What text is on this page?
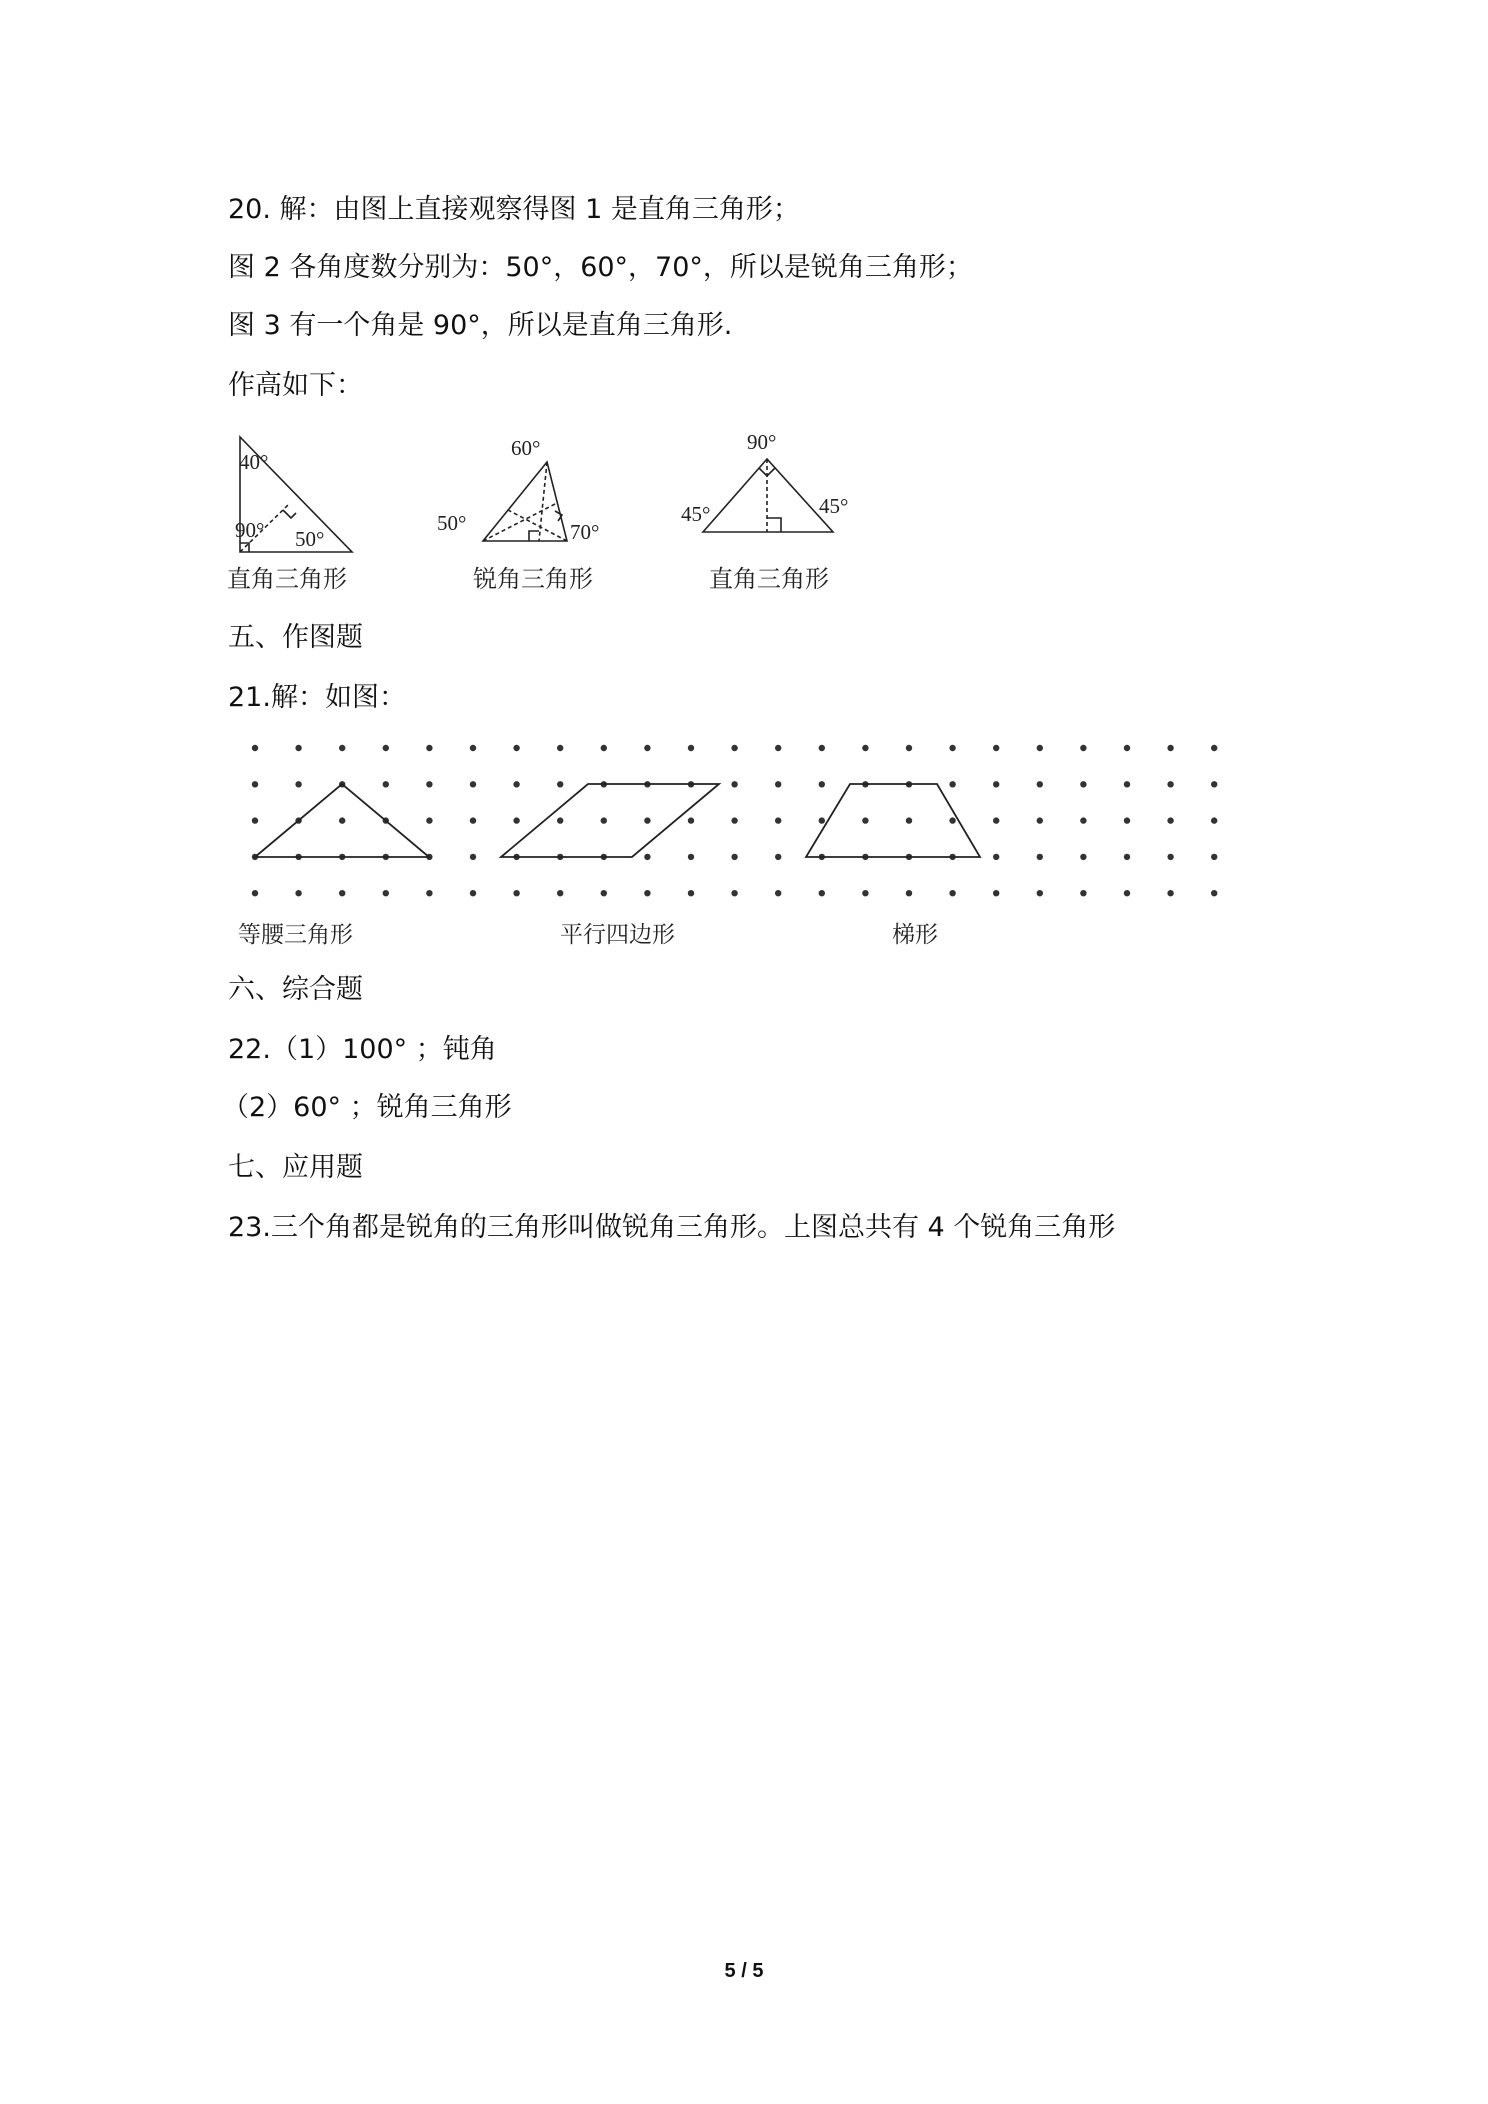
20. 解：由图上直接观察得图 1 是直角三角形；
图 2 各角度数分别为：50°，60°，70°，所以是锐角三角形；
图 3 有一个角是 90°，所以是直角三角形.
作高如下：
40°
90° 50°
直角三角形
60°
50°	70°
锐角三角形
90°
45°	45°
直角三角形
五、作图题
21.解：如图：
等腰三角形	平行四边形	梯形
六、综合题
22.（1）100° ；钝角
（2）60° ；锐角三角形
七、应用题
23.三个角都是锐角的三角形叫做锐角三角形。上图总共有 4 个锐角三角形
5 / 5
